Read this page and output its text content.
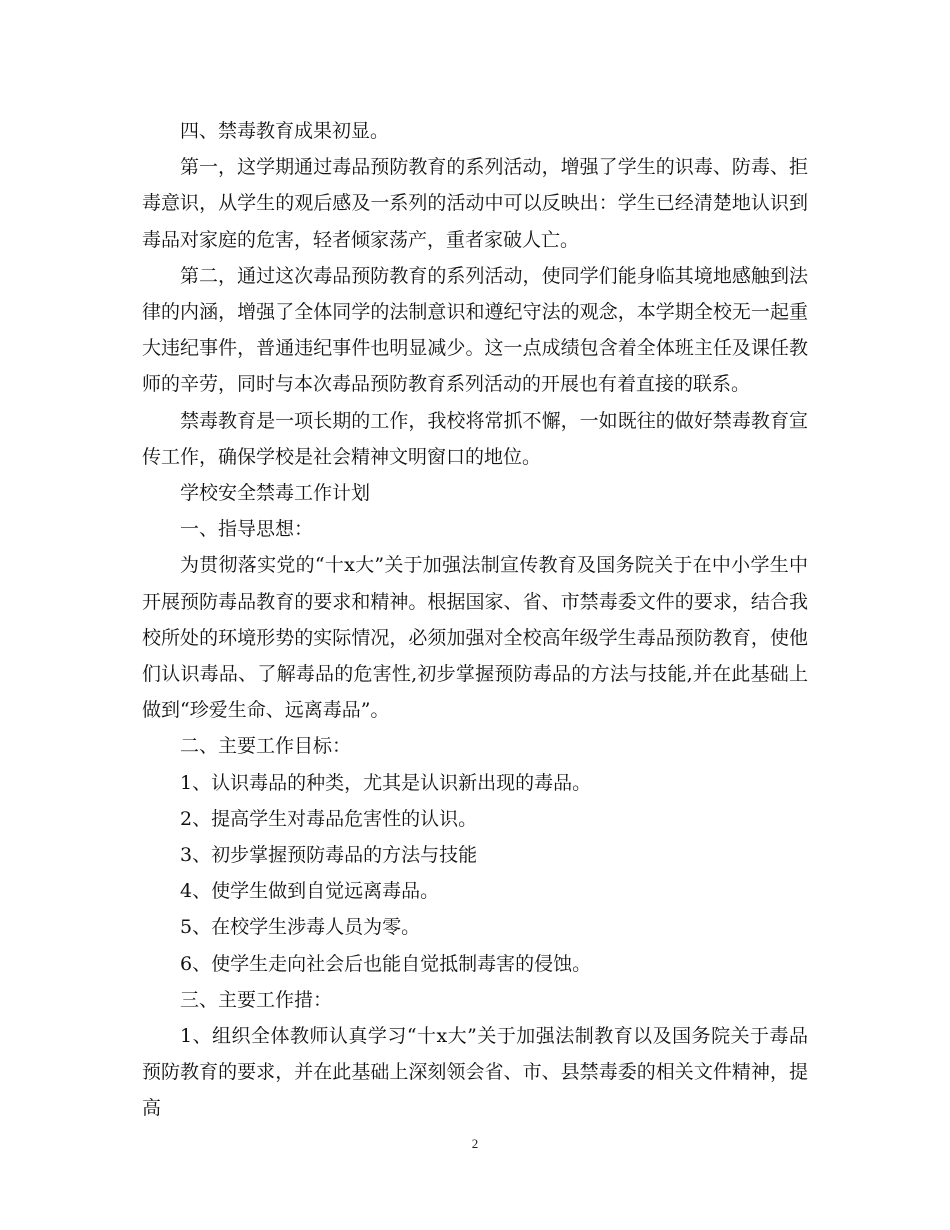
四、禁毒教育成果初显。

第一，这学期通过毒品预防教育的系列活动，增强了学生的识毒、防毒、拒毒意识，从学生的观后感及一系列的活动中可以反映出：学生已经清楚地认识到毒品对家庭的危害，轻者倾家荡产，重者家破人亡。

第二，通过这次毒品预防教育的系列活动，使同学们能身临其境地感触到法律的内涵，增强了全体同学的法制意识和遵纪守法的观念，本学期全校无一起重大违纪事件，普通违纪事件也明显减少。这一点成绩包含着全体班主任及课任教师的辛劳，同时与本次毒品预防教育系列活动的开展也有着直接的联系。

禁毒教育是一项长期的工作，我校将常抓不懈，一如既往的做好禁毒教育宣传工作，确保学校是社会精神文明窗口的地位。

学校安全禁毒工作计划

一、指导思想：

为贯彻落实党的“十x大”关于加强法制宣传教育及国务院关于在中小学生中开展预防毒品教育的要求和精神。根据国家、省、市禁毒委文件的要求，结合我校所处的环境形势的实际情况，必须加强对全校高年级学生毒品预防教育，使他们认识毒品、了解毒品的危害性,初步掌握预防毒品的方法与技能,并在此基础上做到“珍爱生命、远离毒品”。

二、主要工作目标：

1、认识毒品的种类，尤其是认识新出现的毒品。

2、提高学生对毒品危害性的认识。

3、初步掌握预防毒品的方法与技能

4、使学生做到自觉远离毒品。

5、在校学生涉毒人员为零。

6、使学生走向社会后也能自觉抵制毒害的侵蚀。

三、主要工作措：

1、组织全体教师认真学习“十x大”关于加强法制教育以及国务院关于毒品预防教育的要求，并在此基础上深刻领会省、市、县禁毒委的相关文件精神，提高

2
